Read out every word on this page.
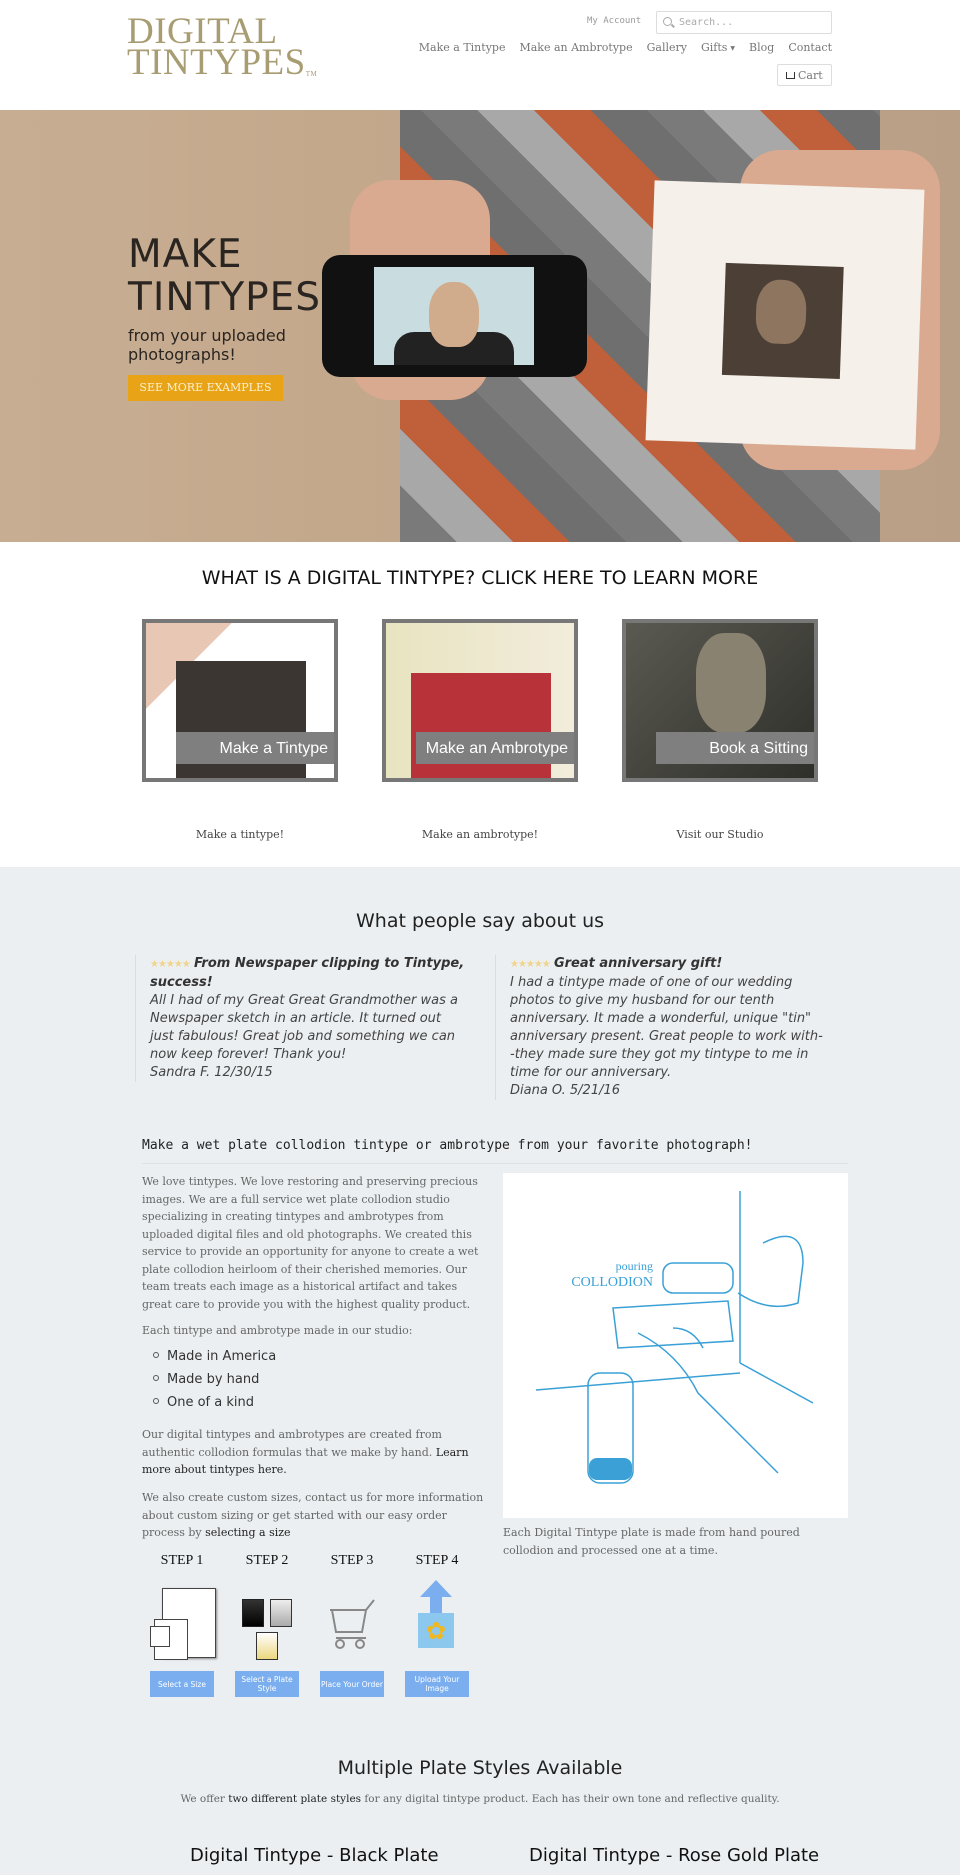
DIGITAL
TINTYPES™
My Account	Search...
Make a Tintype Make an Ambrotype Gallery Gifts ▼ Blog Contact
Cart
MAKE
TINTYPES
from your uploaded
photographs!
SEE MORE EXAMPLES
WHAT IS A DIGITAL TINTYPE? CLICK HERE TO LEARN MORE
Make a Tintype	Make an Ambrotype	Book a Sitting
Make a tintype!	Make an ambrotype!	Visit our Studio
What people say about us
★★★★★ From Newspaper clipping to Tintype, success!
All I had of my Great Great Grandmother was a Newspaper sketch in an article. It turned out just fabulous! Great job and something we can now keep forever! Thank you!
Sandra F. 12/30/15
★★★★★ Great anniversary gift!
I had a tintype made of one of our wedding photos to give my husband for our tenth anniversary. It made a wonderful, unique "tin" anniversary present. Great people to work with--they made sure they got my tintype to me in time for our anniversary.
Diana O. 5/21/16
Make a wet plate collodion tintype or ambrotype from your favorite photograph!
We love tintypes. We love restoring and preserving precious images. We are a full service wet plate collodion studio specializing in creating tintypes and ambrotypes from uploaded digital files and old photographs. We created this service to provide an opportunity for anyone to create a wet plate collodion heirloom of their cherished memories. Our team treats each image as a historical artifact and takes great care to provide you with the highest quality product.
Each tintype and ambrotype made in our studio:
Made in America
Made by hand
One of a kind
Our digital tintypes and ambrotypes are created from authentic collodion formulas that we make by hand. Learn more about tintypes here.
We also create custom sizes, contact us for more information about custom sizing or get started with our easy order process by selecting a size
pouring
COLLODION
Each Digital Tintype plate is made from hand poured collodion and processed one at a time.
STEP 1	STEP 2	STEP 3	STEP 4
✿
Select a Size	Select a Plate Style	Place Your Order	Upload Your Image
Multiple Plate Styles Available
We offer two different plate styles for any digital tintype product. Each has their own tone and reflective quality.
Digital Tintype - Black Plate	Digital Tintype - Rose Gold Plate
